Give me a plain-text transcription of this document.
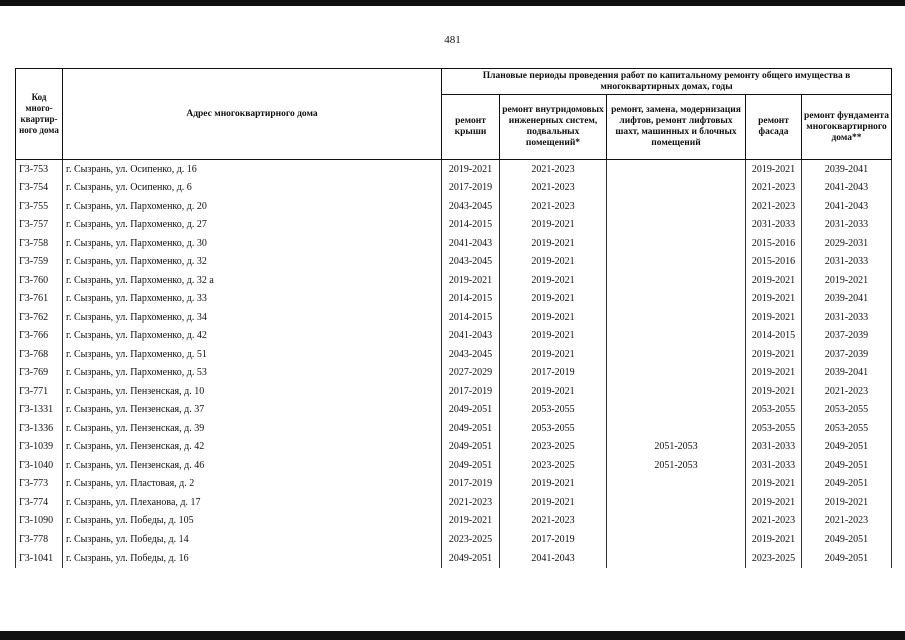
481
Код много-квартир-ного дома	Адрес многоквартирного дома	Плановые периоды проведения работ по капитальному ремонту общего имущества в многоквартирных домах, годы				
		ремонт крыши	ремонт внутридомовых инженерных систем, подвальных помещений*	ремонт, замена, модернизация лифтов, ремонт лифтовых шахт, машинных и блочных помещений	ремонт фасада	ремонт фундамента многоквартирного дома**
Г3-753	г. Сызрань, ул. Осипенко, д. 16	2019-2021	2021-2023		2019-2021	2039-2041
Г3-754	г. Сызрань, ул. Осипенко, д. 6	2017-2019	2021-2023		2021-2023	2041-2043
Г3-755	г. Сызрань, ул. Пархоменко, д. 20	2043-2045	2021-2023		2021-2023	2041-2043
Г3-757	г. Сызрань, ул. Пархоменко, д. 27	2014-2015	2019-2021		2031-2033	2031-2033
Г3-758	г. Сызрань, ул. Пархоменко, д. 30	2041-2043	2019-2021		2015-2016	2029-2031
Г3-759	г. Сызрань, ул. Пархоменко, д. 32	2043-2045	2019-2021		2015-2016	2031-2033
Г3-760	г. Сызрань, ул. Пархоменко, д. 32 а	2019-2021	2019-2021		2019-2021	2019-2021
Г3-761	г. Сызрань, ул. Пархоменко, д. 33	2014-2015	2019-2021		2019-2021	2039-2041
Г3-762	г. Сызрань, ул. Пархоменко, д. 34	2014-2015	2019-2021		2019-2021	2031-2033
Г3-766	г. Сызрань, ул. Пархоменко, д. 42	2041-2043	2019-2021		2014-2015	2037-2039
Г3-768	г. Сызрань, ул. Пархоменко, д. 51	2043-2045	2019-2021		2019-2021	2037-2039
Г3-769	г. Сызрань, ул. Пархоменко, д. 53	2027-2029	2017-2019		2019-2021	2039-2041
Г3-771	г. Сызрань, ул. Пензенская, д. 10	2017-2019	2019-2021		2019-2021	2021-2023
Г3-1331	г. Сызрань, ул. Пензенская, д. 37	2049-2051	2053-2055		2053-2055	2053-2055
Г3-1336	г. Сызрань, ул. Пензенская, д. 39	2049-2051	2053-2055		2053-2055	2053-2055
Г3-1039	г. Сызрань, ул. Пензенская, д. 42	2049-2051	2023-2025	2051-2053	2031-2033	2049-2051
Г3-1040	г. Сызрань, ул. Пензенская, д. 46	2049-2051	2023-2025	2051-2053	2031-2033	2049-2051
Г3-773	г. Сызрань, ул. Пластовая, д. 2	2017-2019	2019-2021		2019-2021	2049-2051
Г3-774	г. Сызрань, ул. Плеханова, д. 17	2021-2023	2019-2021		2019-2021	2019-2021
Г3-1090	г. Сызрань, ул. Победы, д. 105	2019-2021	2021-2023		2021-2023	2021-2023
Г3-778	г. Сызрань, ул. Победы, д. 14	2023-2025	2017-2019		2019-2021	2049-2051
Г3-1041	г. Сызрань, ул. Победы, д. 16	2049-2051	2041-2043		2023-2025	2049-2051
